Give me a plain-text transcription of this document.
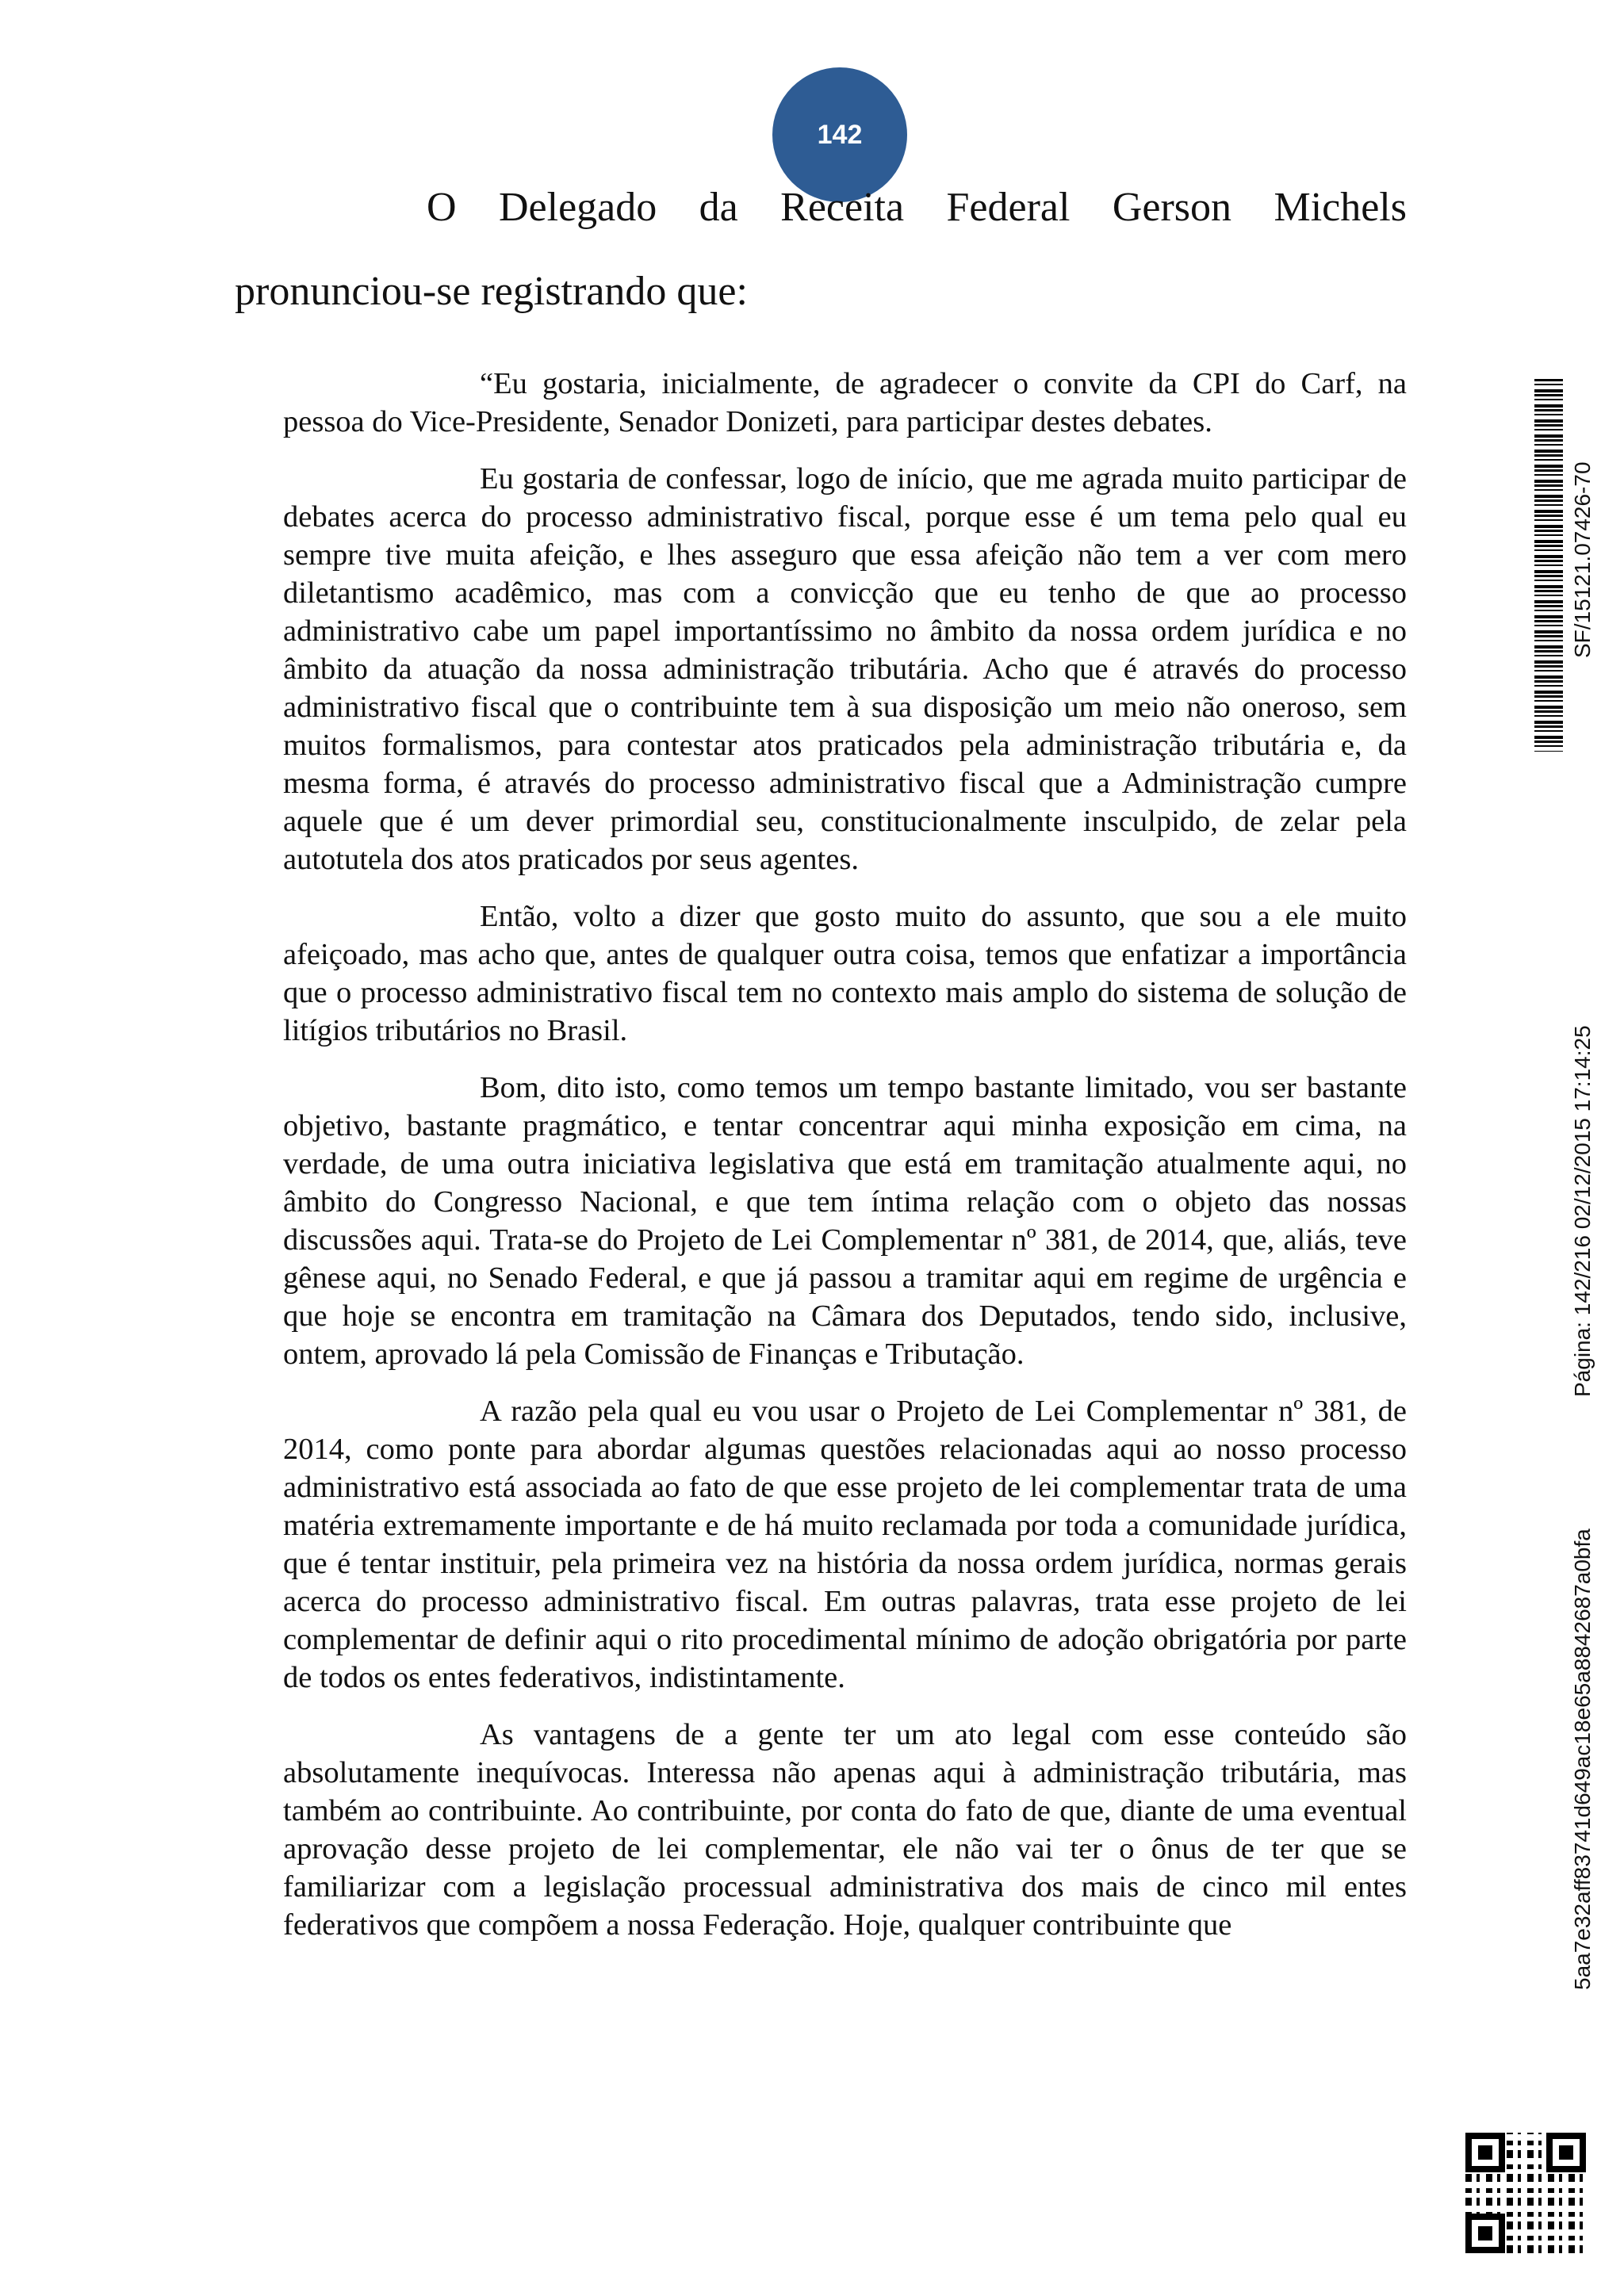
142
O Delegado da Receita Federal Gerson Michels
pronunciou-se registrando que:

“Eu gostaria, inicialmente, de agradecer o convite da CPI do Carf, na pessoa do Vice-Presidente, Senador Donizeti, para participar destes debates.

Eu gostaria de confessar, logo de início, que me agrada muito participar de debates acerca do processo administrativo fiscal, porque esse é um tema pelo qual eu sempre tive muita afeição, e lhes asseguro que essa afeição não tem a ver com mero diletantismo acadêmico, mas com a convicção que eu tenho de que ao processo administrativo cabe um papel importantíssimo no âmbito da nossa ordem jurídica e no âmbito da atuação da nossa administração tributária. Acho que é através do processo administrativo fiscal que o contribuinte tem à sua disposição um meio não oneroso, sem muitos formalismos, para contestar atos praticados pela administração tributária e, da mesma forma, é através do processo administrativo fiscal que a Administração cumpre aquele que é um dever primordial seu, constitucionalmente insculpido, de zelar pela autotutela dos atos praticados por seus agentes.

Então, volto a dizer que gosto muito do assunto, que sou a ele muito afeiçoado, mas acho que, antes de qualquer outra coisa, temos que enfatizar a importância que o processo administrativo fiscal tem no contexto mais amplo do sistema de solução de litígios tributários no Brasil.

Bom, dito isto, como temos um tempo bastante limitado, vou ser bastante objetivo, bastante pragmático, e tentar concentrar aqui minha exposição em cima, na verdade, de uma outra iniciativa legislativa que está em tramitação atualmente aqui, no âmbito do Congresso Nacional, e que tem íntima relação com o objeto das nossas discussões aqui. Trata-se do Projeto de Lei Complementar nº 381, de 2014, que, aliás, teve gênese aqui, no Senado Federal, e que já passou a tramitar aqui em regime de urgência e que hoje se encontra em tramitação na Câmara dos Deputados, tendo sido, inclusive, ontem, aprovado lá pela Comissão de Finanças e Tributação.

A razão pela qual eu vou usar o Projeto de Lei Complementar nº 381, de 2014, como ponte para abordar algumas questões relacionadas aqui ao nosso processo administrativo está associada ao fato de que esse projeto de lei complementar trata de uma matéria extremamente importante e de há muito reclamada por toda a comunidade jurídica, que é tentar instituir, pela primeira vez na história da nossa ordem jurídica, normas gerais acerca do processo administrativo fiscal. Em outras palavras, trata esse projeto de lei complementar de definir aqui o rito procedimental mínimo de adoção obrigatória por parte de todos os entes federativos, indistintamente.

As vantagens de a gente ter um ato legal com esse conteúdo são absolutamente inequívocas. Interessa não apenas aqui à administração tributária, mas também ao contribuinte. Ao contribuinte, por conta do fato de que, diante de uma eventual aprovação desse projeto de lei complementar, ele não vai ter o ônus de ter que se familiarizar com a legislação processual administrativa dos mais de cinco mil entes federativos que compõem a nossa Federação. Hoje, qualquer contribuinte que

SF/15121.07426-70
Página: 142/216 02/12/2015 17:14:25
5aa7e32aff83741d649ac18e65a8842687a0bfa
